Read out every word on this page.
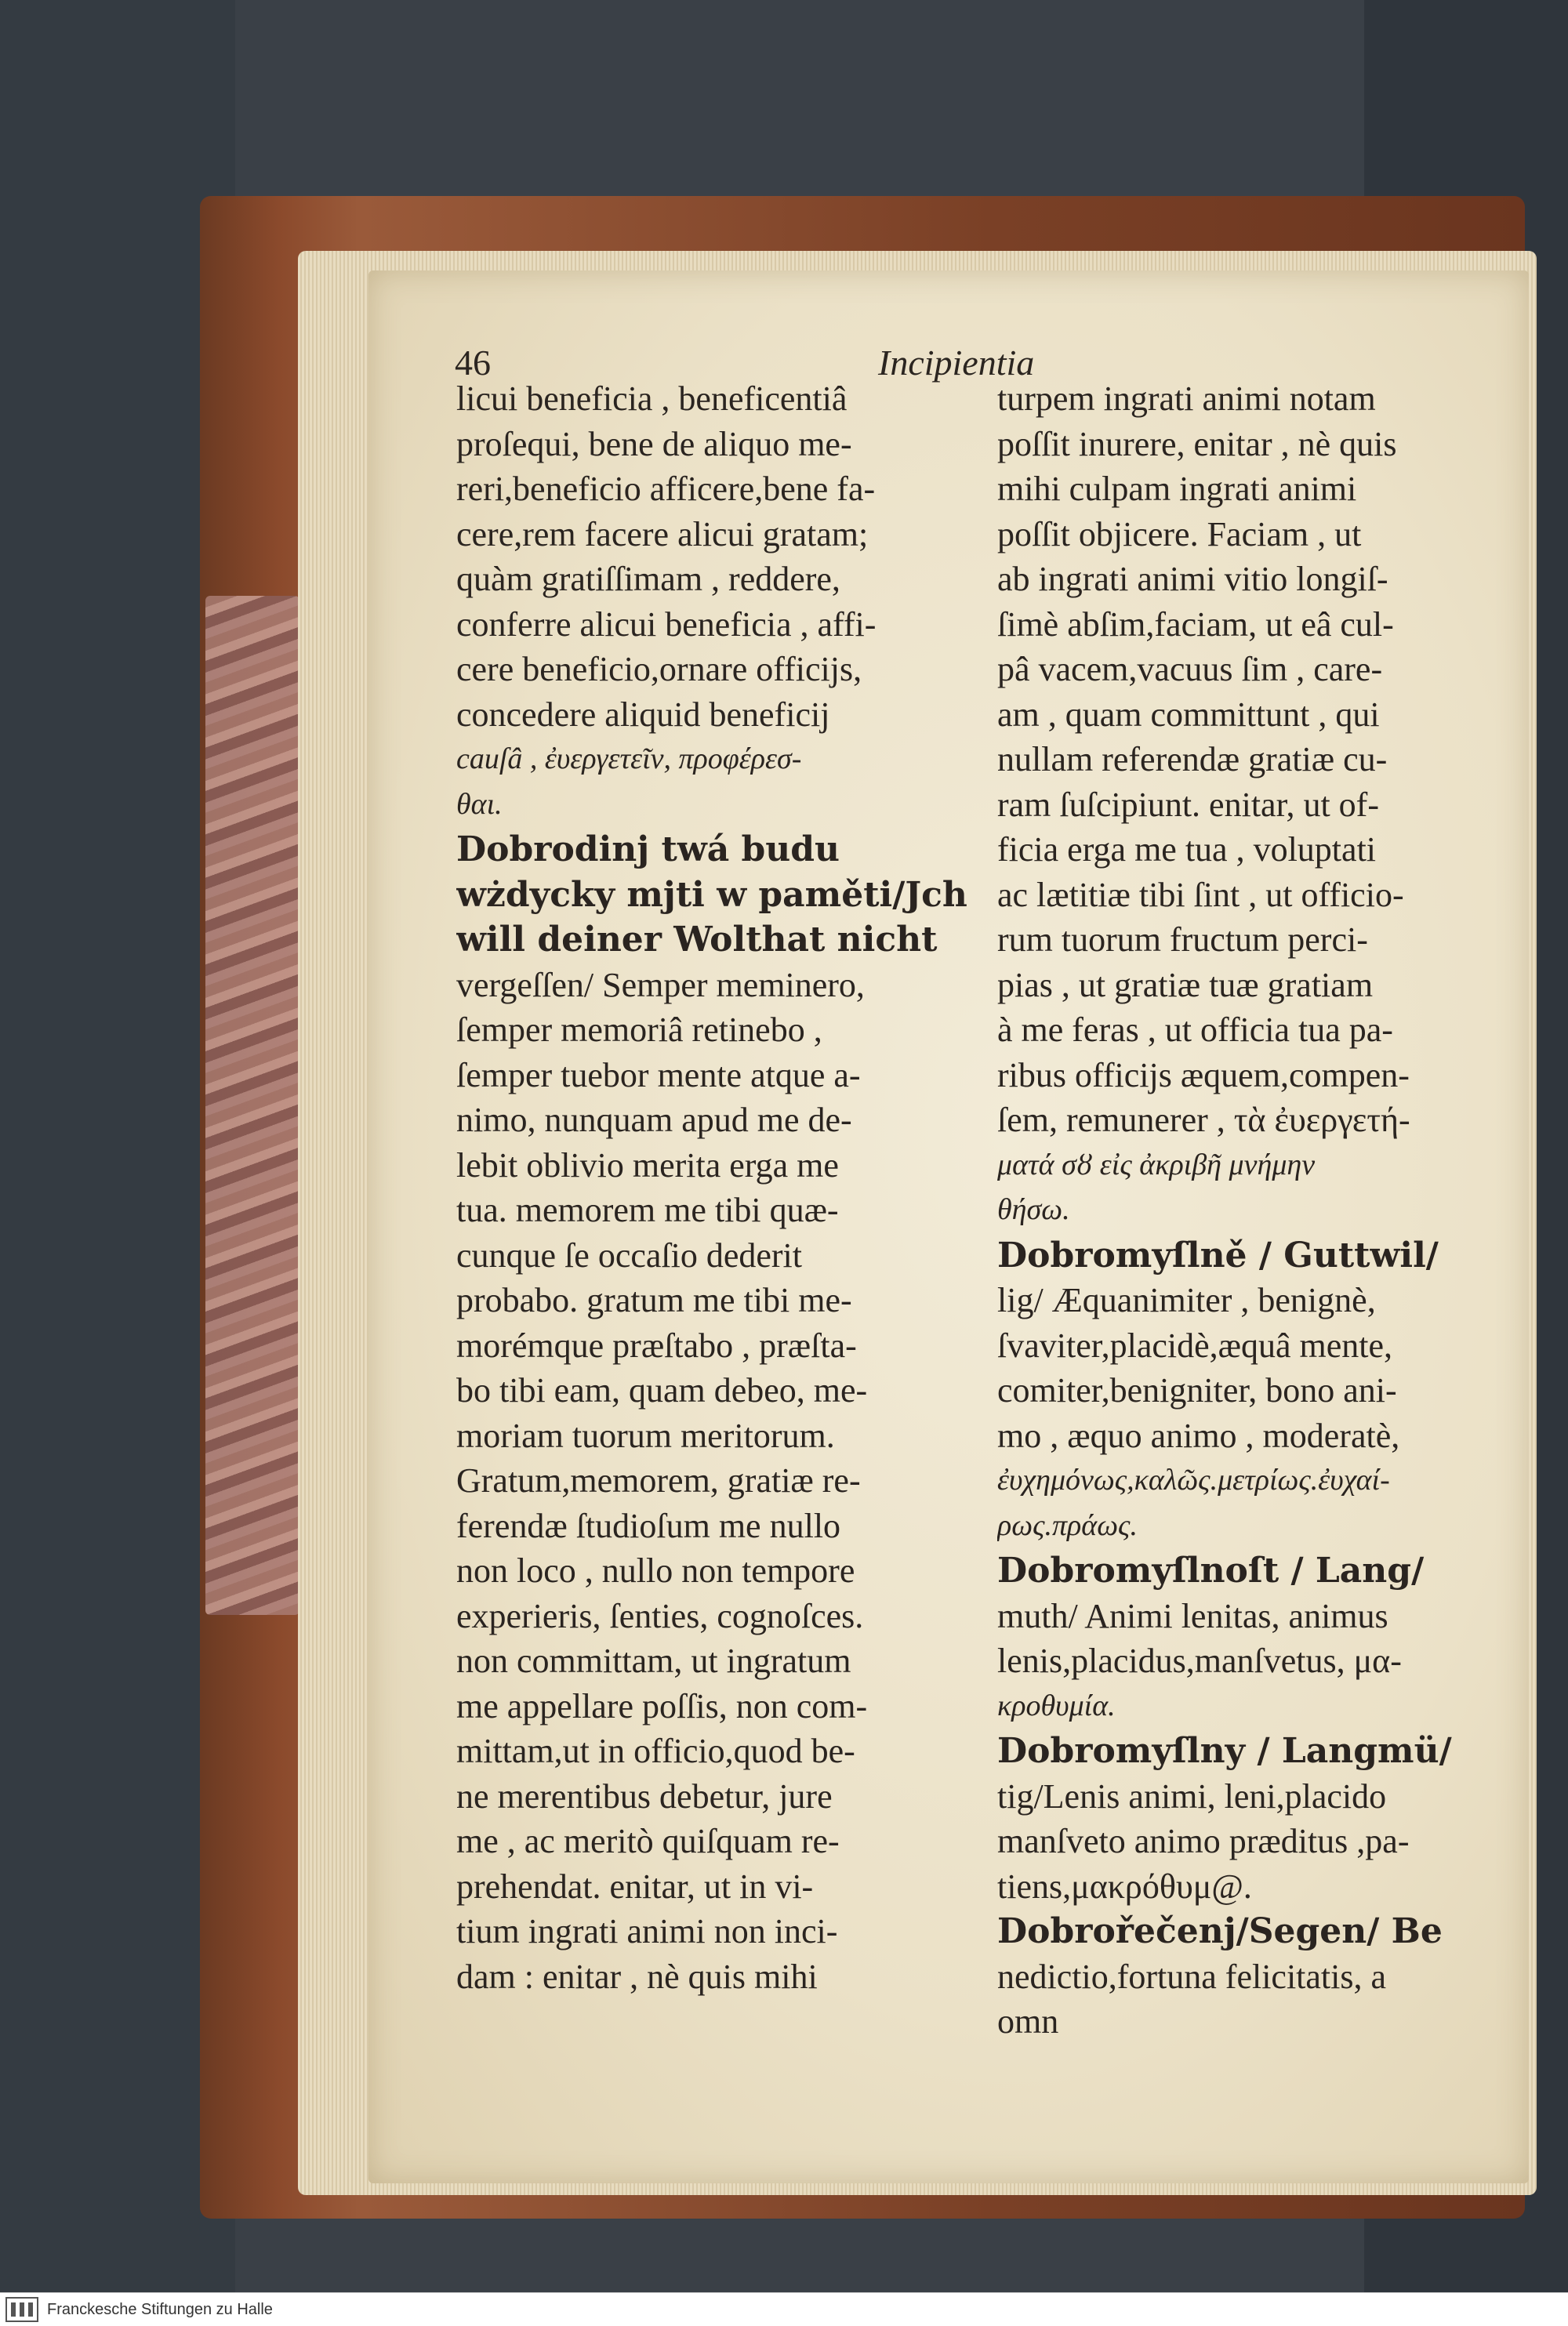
46	Incipientia
licui beneficia , beneficentiâ
proſequi, bene de aliquo me-
reri,beneficio afficere,bene fa-
cere,rem facere alicui gratam;
quàm gratiſſimam , reddere,
conferre alicui beneficia , affi-
cere beneficio,ornare officijs,
concedere aliquid beneficij
cauſâ , ἐυεργετεῖν, προφέρεσ-
θαι.
Dobrodinj twá budu
wżdycky mjti w paměti/Jch
will deiner Wolthat nicht
vergeſſen/ Semper meminero,
ſemper memoriâ retinebo ,
ſemper tuebor mente atque a-
nimo, nunquam apud me de-
lebit oblivio merita erga me
tua. memorem me tibi quæ-
cunque ſe occaſio dederit
probabo. gratum me tibi me-
morémque præſtabo , præſta-
bo tibi eam, quam debeo, me-
moriam tuorum meritorum.
Gratum,memorem, gratiæ re-
ferendæ ſtudioſum me nullo
non loco , nullo non tempore
experieris, ſenties, cognoſces.
non committam, ut ingratum
me appellare poſſis, non com-
mittam,ut in officio,quod be-
ne merentibus debetur, jure
me , ac meritò quiſquam re-
prehendat. enitar, ut in vi-
tium ingrati animi non inci-
dam : enitar , nè quis mihi
turpem ingrati animi notam
poſſit inurere, enitar , nè quis
mihi culpam ingrati animi
poſſit objicere. Faciam , ut
ab ingrati animi vitio longiſ-
ſimè abſim,faciam, ut eâ cul-
pâ vacem,vacuus ſim , care-
am , quam committunt , qui
nullam referendæ gratiæ cu-
ram ſuſcipiunt. enitar, ut of-
ficia erga me tua , voluptati
ac lætitiæ tibi ſint , ut officio-
rum tuorum fructum perci-
pias , ut gratiæ tuæ gratiam
à me feras , ut officia tua pa-
ribus officijs æquem,compen-
ſem, remunerer , τὰ ἐυεργετή-
ματά σȣ εἰς ἀκριβῆ μνήμην
θήσω.
Dobromyſlně / Guttwil/
lig/ Æquanimiter , benignè,
ſvaviter,placidè,æquâ mente,
comiter,benigniter, bono ani-
mo , æquo animo , moderatè,
ἐυχημόνως,καλῶς.μετρίως.ἐυχαί-
ρως.πράως.
Dobromyſlnoſt / Lang/
muth/ Animi lenitas, animus
lenis,placidus,manſvetus, μα-
κροθυμία.
Dobromyſlny / Langmü/
tig/Lenis animi, leni,placido
manſveto animo præditus ,pa-
tiens,μακρόθυμ@.
Dobrořečenj/Segen/ Be
nedictio,fortuna felicitatis, a
omn
Franckesche Stiftungen zu Halle
